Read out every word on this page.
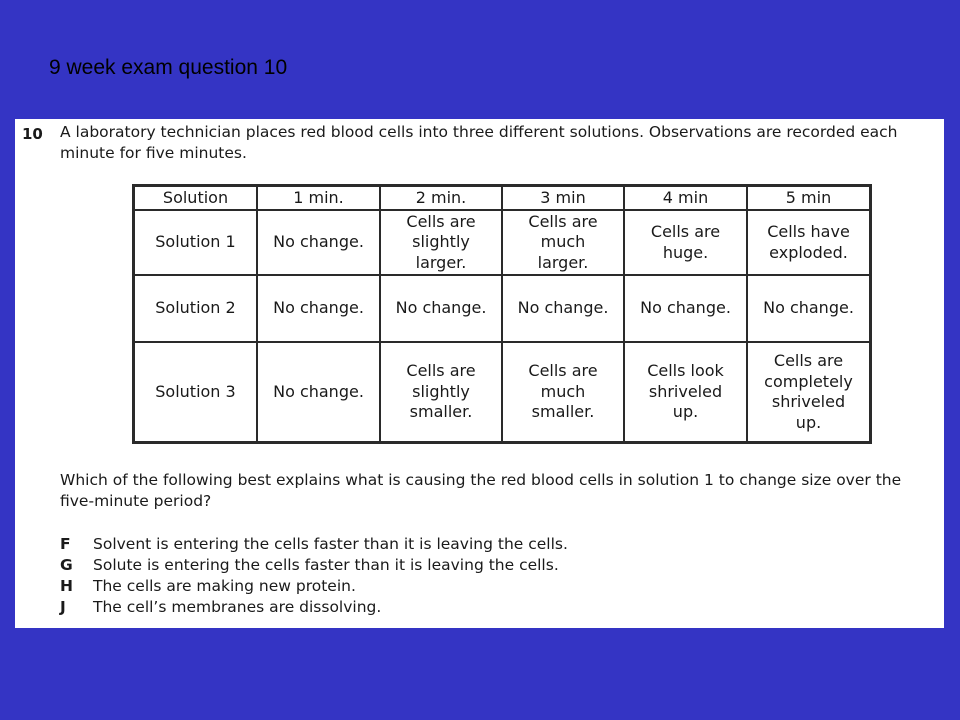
9 week exam question 10
10 A laboratory technician places red blood cells into three different solutions. Observations are recorded each minute for five minutes.
Solution	1 min.	2 min.	3 min	4 min	5 min
Solution 1	No change.	Cells are
slightly
larger.	Cells are
much
larger.	Cells are
huge.	Cells have
exploded.
Solution 2	No change.	No change.	No change.	No change.	No change.
Solution 3	No change.	Cells are
slightly
smaller.	Cells are
much
smaller.	Cells look
shriveled
up.	Cells are
completely
shriveled
up.
Which of the following best explains what is causing the red blood cells in solution 1 to change size over the five-minute period?
F	Solvent is entering the cells faster than it is leaving the cells.
G	Solute is entering the cells faster than it is leaving the cells.
H	The cells are making new protein.
J	The cell’s membranes are dissolving.
